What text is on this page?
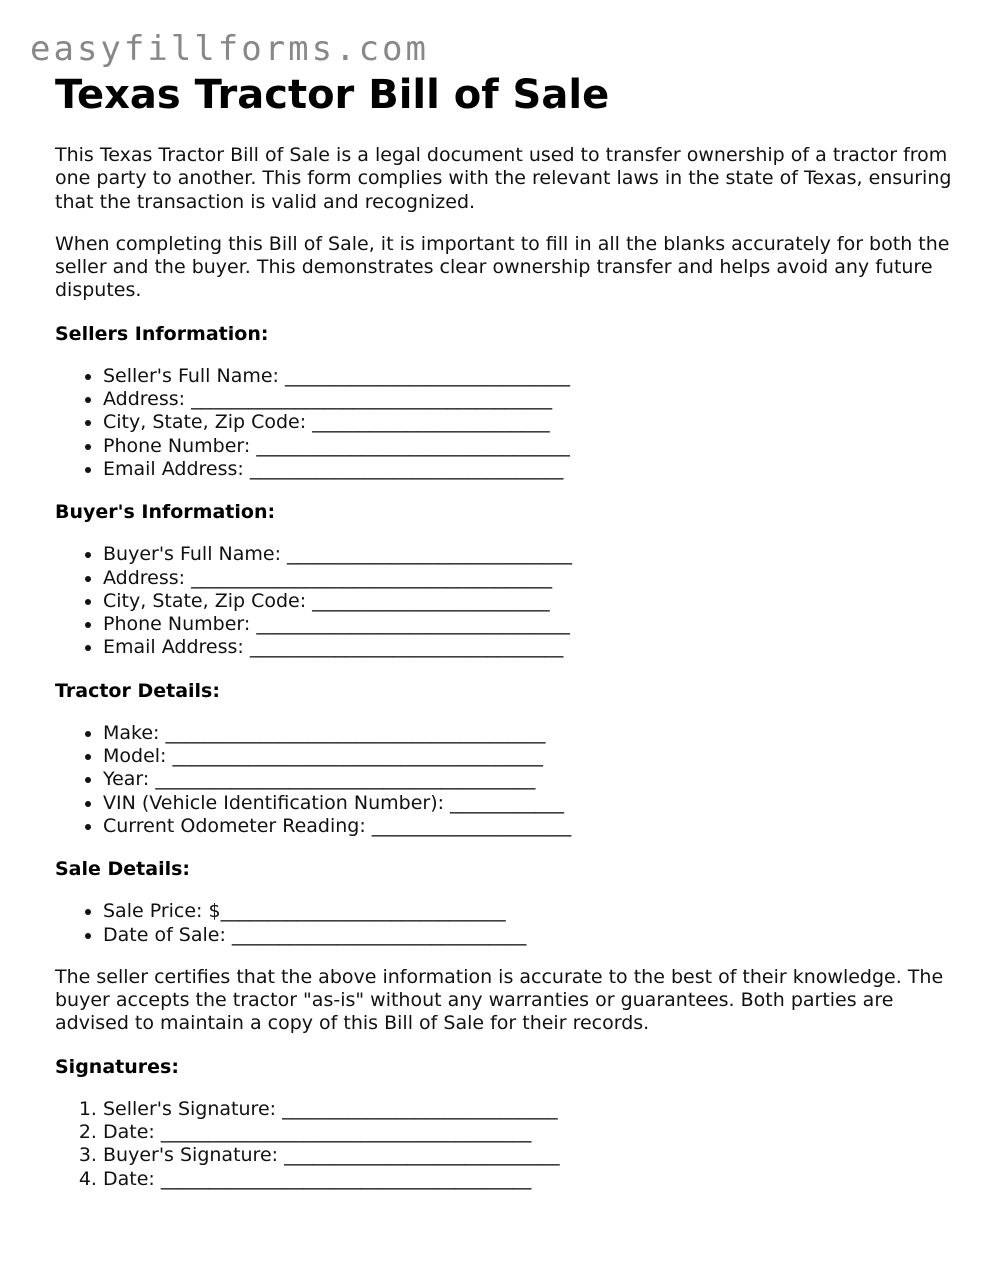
easyfillforms.com
Texas Tractor Bill of Sale

This Texas Tractor Bill of Sale is a legal document used to transfer ownership of a tractor from one party to another. This form complies with the relevant laws in the state of Texas, ensuring that the transaction is valid and recognized.

When completing this Bill of Sale, it is important to fill in all the blanks accurately for both the seller and the buyer. This demonstrates clear ownership transfer and helps avoid any future disputes.

Sellers Information:
• Seller's Full Name: ______________________________
• Address: ______________________________________
• City, State, Zip Code: _________________________
• Phone Number: _________________________________
• Email Address: _________________________________
Buyer's Information:
• Buyer's Full Name: ______________________________
• Address: ______________________________________
• City, State, Zip Code: _________________________
• Phone Number: _________________________________
• Email Address: _________________________________
Tractor Details:
• Make: ________________________________________
• Model: _______________________________________
• Year: ________________________________________
• VIN (Vehicle Identification Number): ____________
• Current Odometer Reading: _____________________
Sale Details:
• Sale Price: $______________________________
• Date of Sale: _______________________________

The seller certifies that the above information is accurate to the best of their knowledge. The buyer accepts the tractor "as-is" without any warranties or guarantees. Both parties are advised to maintain a copy of this Bill of Sale for their records.

Signatures:
1. Seller's Signature: _____________________________
2. Date: _______________________________________
3. Buyer's Signature: _____________________________
4. Date: _______________________________________
